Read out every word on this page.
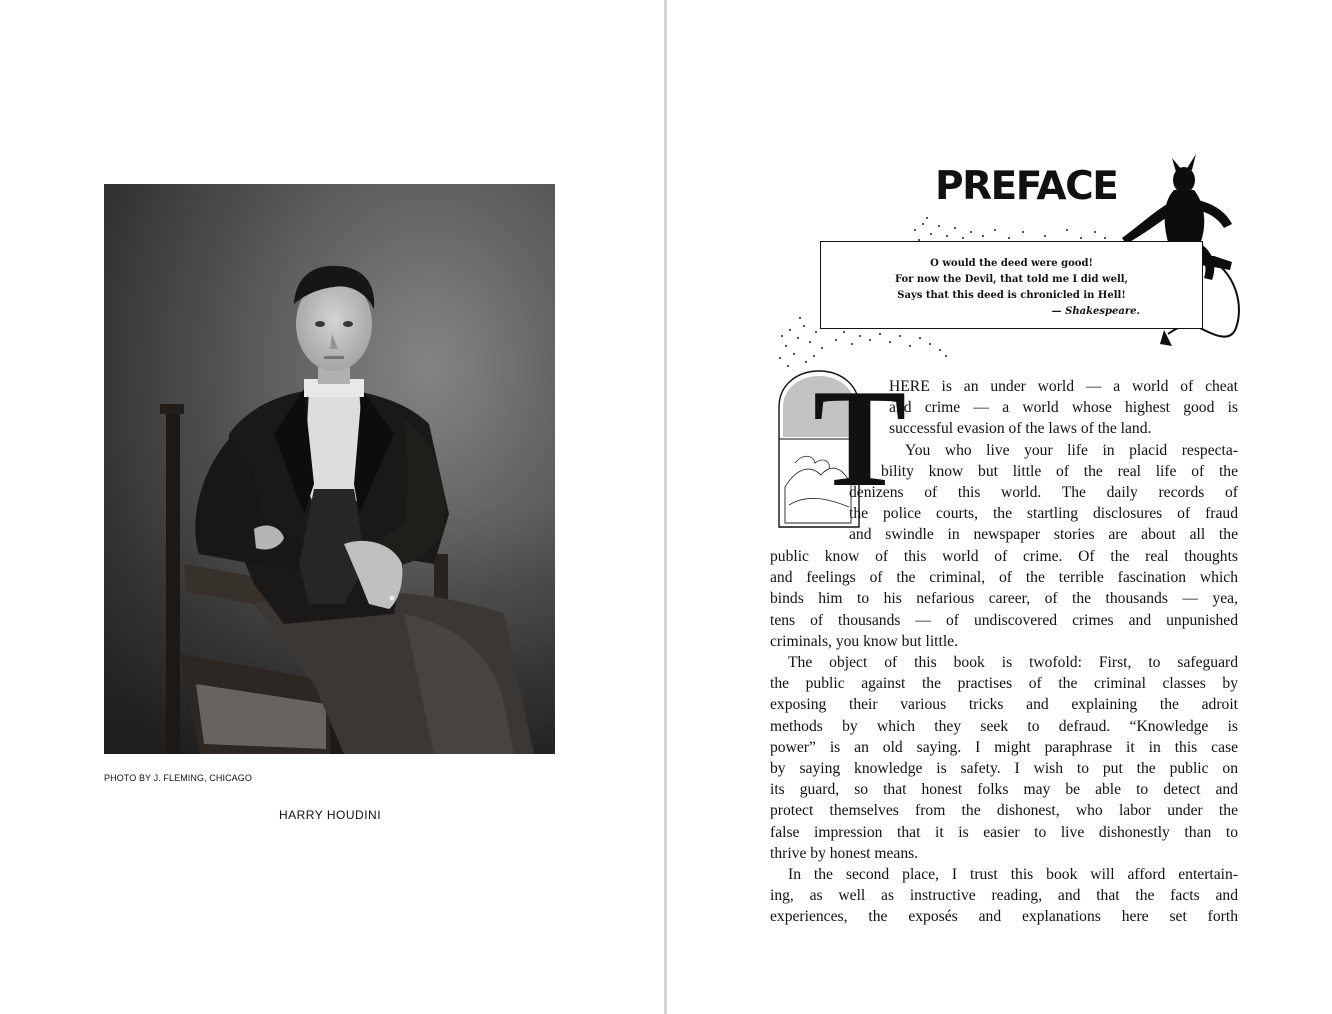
PHOTO BY J. FLEMING, CHICAGO
HARRY HOUDINI
PREFACE
O would the deed were good!
For now the Devil, that told me I did well,
Says that this deed is chronicled in Hell!
— Shakespeare.
T
HERE is an under world — a world of cheat
and crime — a world whose highest good is
successful evasion of the laws of the land.
You who live your life in placid respecta-
bility know but little of the real life of the
denizens of this world. The daily records of
the police courts, the startling disclosures of fraud
and swindle in newspaper stories are about all the
public know of this world of crime. Of the real thoughts
and feelings of the criminal, of the terrible fascination which
binds him to his nefarious career, of the thousands — yea,
tens of thousands — of undiscovered crimes and unpunished
criminals, you know but little.
The object of this book is twofold: First, to safeguard
the public against the practises of the criminal classes by
exposing their various tricks and explaining the adroit
methods by which they seek to defraud. “Knowledge is
power” is an old saying. I might paraphrase it in this case
by saying knowledge is safety. I wish to put the public on
its guard, so that honest folks may be able to detect and
protect themselves from the dishonest, who labor under the
false impression that it is easier to live dishonestly than to
thrive by honest means.
In the second place, I trust this book will afford entertain-
ing, as well as instructive reading, and that the facts and
experiences, the exposés and explanations here set forth
